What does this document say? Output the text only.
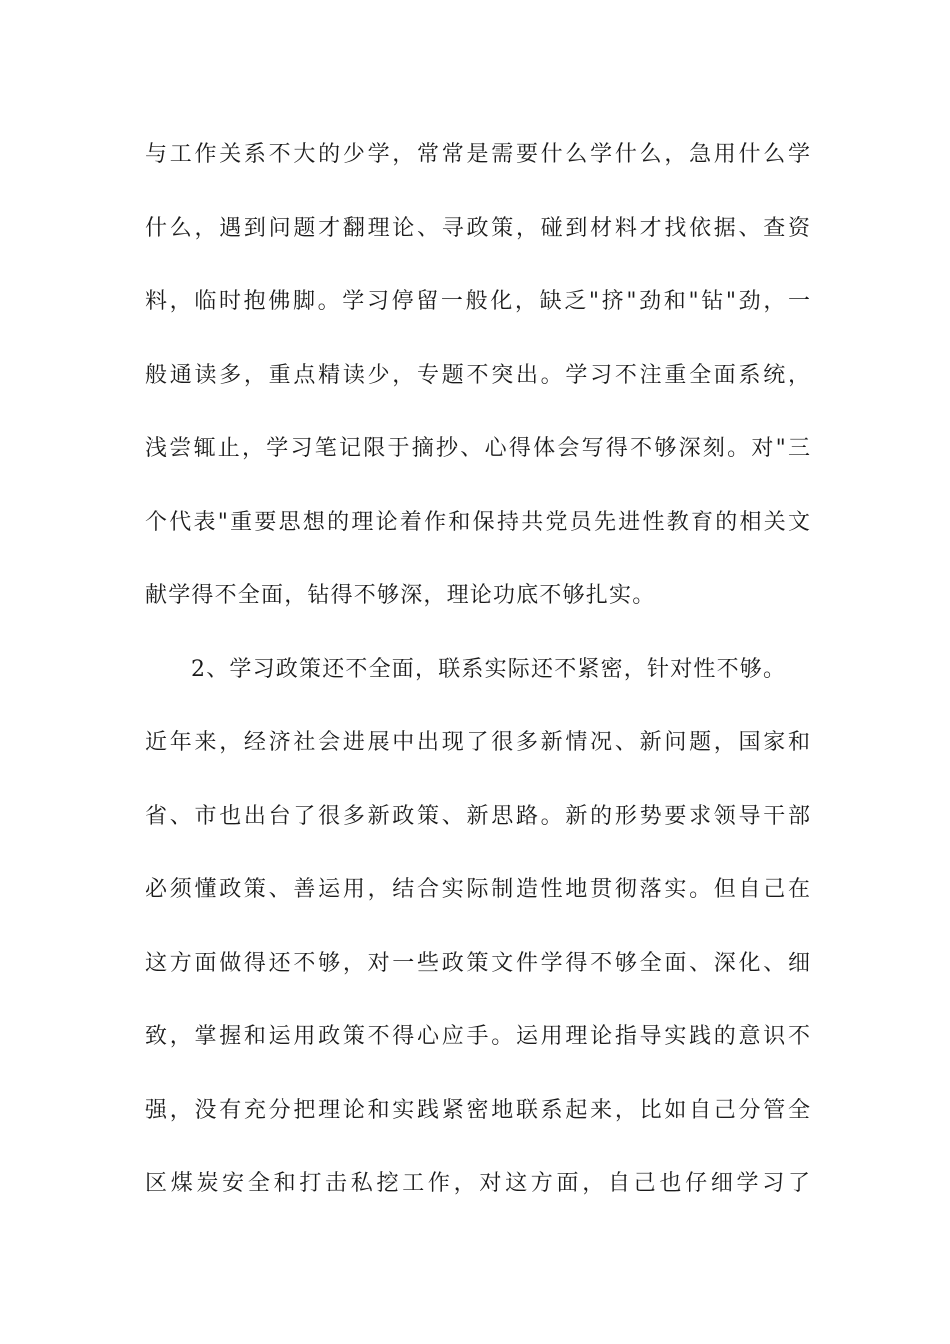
与工作关系不大的少学，常常是需要什么学什么，急用什么学
什么，遇到问题才翻理论、寻政策，碰到材料才找依据、查资
料，临时抱佛脚。学习停留一般化，缺乏"挤"劲和"钻"劲，一
般通读多，重点精读少，专题不突出。学习不注重全面系统，
浅尝辄止，学习笔记限于摘抄、心得体会写得不够深刻。对"三
个代表"重要思想的理论着作和保持共党员先进性教育的相关文
献学得不全面，钻得不够深，理论功底不够扎实。
2、学习政策还不全面，联系实际还不紧密，针对性不够。
近年来，经济社会进展中出现了很多新情况、新问题，国家和
省、市也出台了很多新政策、新思路。新的形势要求领导干部
必须懂政策、善运用，结合实际制造性地贯彻落实。但自己在
这方面做得还不够，对一些政策文件学得不够全面、深化、细
致，掌握和运用政策不得心应手。运用理论指导实践的意识不
强，没有充分把理论和实践紧密地联系起来，比如自己分管全
区煤炭安全和打击私挖工作，对这方面，自己也仔细学习了
